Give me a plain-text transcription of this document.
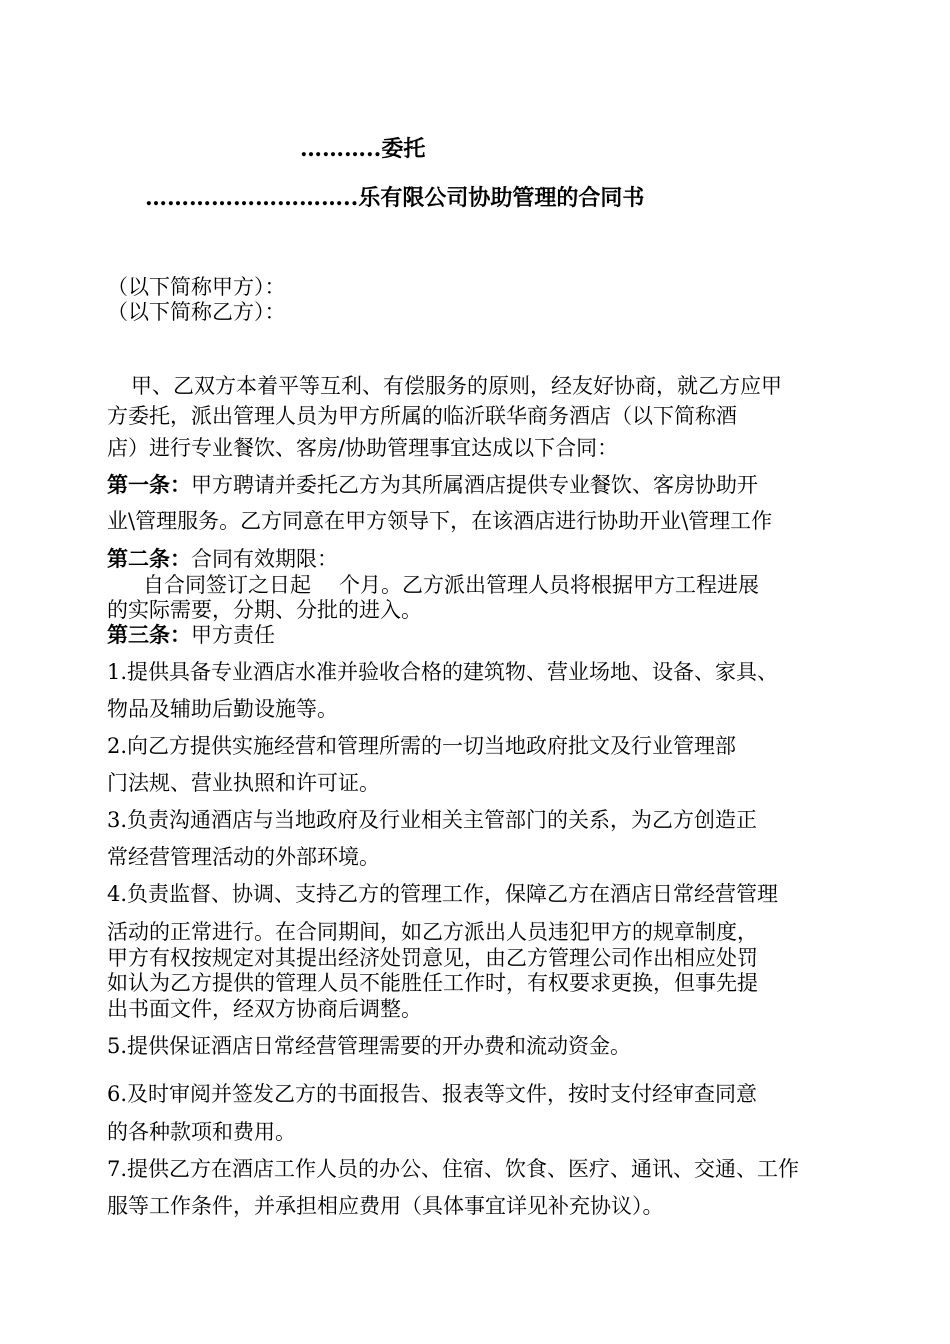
………..委托
………………………..乐有限公司协助管理的合同书
（以下简称甲方）：
（以下简称乙方）：
甲、乙双方本着平等互利、有偿服务的原则，经友好协商，就乙方应甲
方委托，派出管理人员为甲方所属的临沂联华商务酒店（以下简称酒
店）进行专业餐饮、客房/协助管理事宜达成以下合同：
第一条：甲方聘请并委托乙方为其所属酒店提供专业餐饮、客房协助开
业\管理服务。乙方同意在甲方领导下，在该酒店进行协助开业\管理工作
第二条：合同有效期限：
自合同签订之日起 个月。乙方派出管理人员将根据甲方工程进展
的实际需要，分期、分批的进入。
第三条：甲方责任
1.提供具备专业酒店水准并验收合格的建筑物、营业场地、设备、家具、
物品及辅助后勤设施等。
2.向乙方提供实施经营和管理所需的一切当地政府批文及行业管理部
门法规、营业执照和许可证。
3.负责沟通酒店与当地政府及行业相关主管部门的关系，为乙方创造正
常经营管理活动的外部环境。
4.负责监督、协调、支持乙方的管理工作，保障乙方在酒店日常经营管理
活动的正常进行。在合同期间，如乙方派出人员违犯甲方的规章制度，
甲方有权按规定对其提出经济处罚意见，由乙方管理公司作出相应处罚
如认为乙方提供的管理人员不能胜任工作时，有权要求更换，但事先提
出书面文件，经双方协商后调整。
5.提供保证酒店日常经营管理需要的开办费和流动资金。
6.及时审阅并签发乙方的书面报告、报表等文件，按时支付经审查同意
的各种款项和费用。
7.提供乙方在酒店工作人员的办公、住宿、饮食、医疗、通讯、交通、工作
服等工作条件，并承担相应费用（具体事宜详见补充协议）。
